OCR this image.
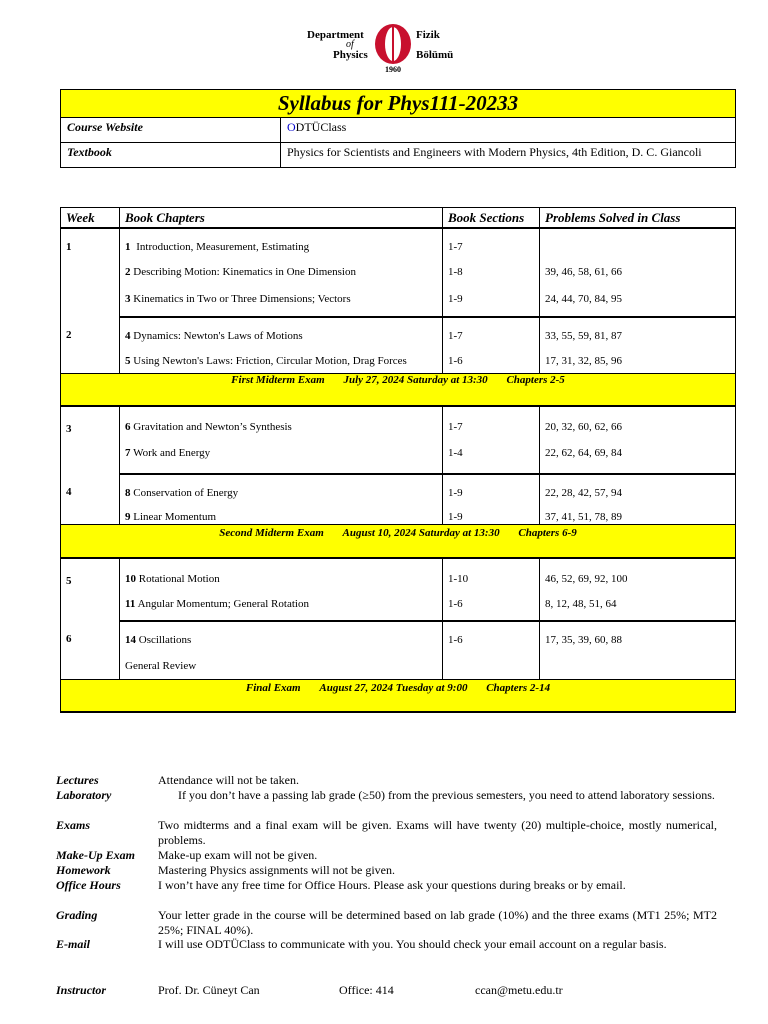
Department
of
Physics
Fizik
Bölümü
1960
Syllabus for Phys111-20233	
Course Website	ODTÜClass
Textbook	Physics for Scientists and Engineers with Modern Physics, 4th Edition, D. C. Giancoli
Week	Book Chapters	Book Sections	Problems Solved in Class
1	1 Introduction, Measurement, Estimating	1-7	
	2 Describing Motion: Kinematics in One Dimension	1-8	39, 46, 58, 61, 66
	3 Kinematics in Two or Three Dimensions; Vectors	1-9	24, 44, 70, 84, 95
2	4 Dynamics: Newton's Laws of Motions	1-7	33, 55, 59, 81, 87
	5 Using Newton's Laws: Friction, Circular Motion, Drag Forces	1-6	17, 31, 32, 85, 96
First Midterm Exam July 27, 2024 Saturday at 13:30 Chapters 2-5			
3	6 Gravitation and Newton’s Synthesis	1-7	20, 32, 60, 62, 66
	7 Work and Energy	1-4	22, 62, 64, 69, 84
4	8 Conservation of Energy	1-9	22, 28, 42, 57, 94
	9 Linear Momentum	1-9	37, 41, 51, 78, 89
Second Midterm Exam August 10, 2024 Saturday at 13:30 Chapters 6-9			
5	10 Rotational Motion	1-10	46, 52, 69, 92, 100
	11 Angular Momentum; General Rotation	1-6	8, 12, 48, 51, 64
6	14 Oscillations	1-6	17, 35, 39, 60, 88
	General Review		
Final Exam August 27, 2024 Tuesday at 9:00 Chapters 2-14			
Lectures	Attendance will not be taken.
Laboratory	If you don’t have a passing lab grade (≥50) from the previous semesters, you need to attend laboratory sessions.
Exams	Two midterms and a final exam will be given. Exams will have twenty (20) multiple-choice, mostly numerical, problems.
Make-Up Exam	Make-up exam will not be given.
Homework	Mastering Physics assignments will not be given.
Office Hours	I won’t have any free time for Office Hours. Please ask your questions during breaks or by email.
Grading	Your letter grade in the course will be determined based on lab grade (10%) and the three exams (MT1 25%; MT2 25%; FINAL 40%).
E-mail	I will use ODTÜClass to communicate with you. You should check your email account on a regular basis.
Instructor	Prof. Dr. Cüneyt Can	Office: 414	ccan@metu.edu.tr
